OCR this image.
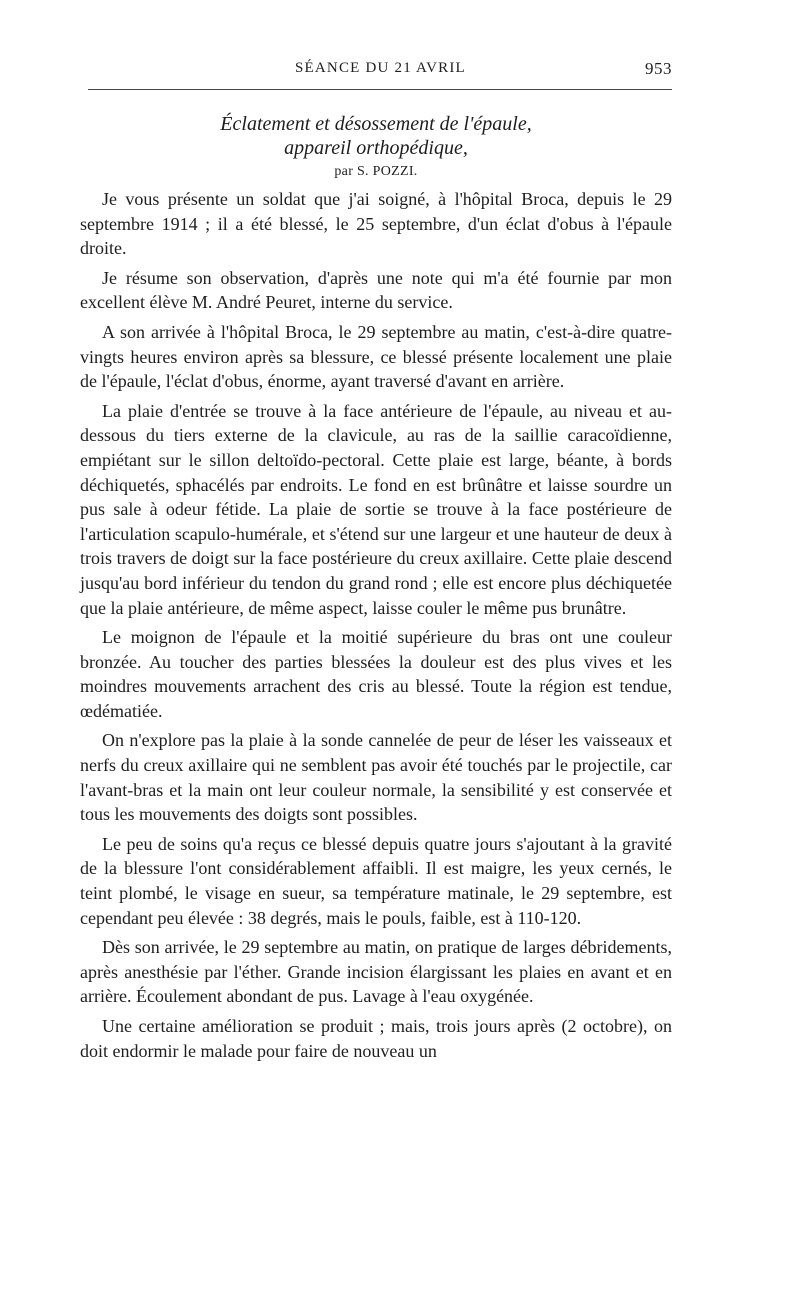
SÉANCE DU 21 AVRIL	953
Éclatement et désossement de l'épaule,
appareil orthopédique,
par S. POZZI.

Je vous présente un soldat que j'ai soigné, à l'hôpital Broca, depuis le 29 septembre 1914 ; il a été blessé, le 25 septembre, d'un éclat d'obus à l'épaule droite.

Je résume son observation, d'après une note qui m'a été fournie par mon excellent élève M. André Peuret, interne du service.

A son arrivée à l'hôpital Broca, le 29 septembre au matin, c'est-à-dire quatre-vingts heures environ après sa blessure, ce blessé présente localement une plaie de l'épaule, l'éclat d'obus, énorme, ayant traversé d'avant en arrière.

La plaie d'entrée se trouve à la face antérieure de l'épaule, au niveau et au-dessous du tiers externe de la clavicule, au ras de la saillie caracoïdienne, empiétant sur le sillon deltoïdo-pectoral. Cette plaie est large, béante, à bords déchiquetés, sphacélés par endroits. Le fond en est brûnâtre et laisse sourdre un pus sale à odeur fétide. La plaie de sortie se trouve à la face postérieure de l'articulation scapulo-humérale, et s'étend sur une largeur et une hauteur de deux à trois travers de doigt sur la face postérieure du creux axillaire. Cette plaie descend jusqu'au bord inférieur du tendon du grand rond ; elle est encore plus déchiquetée que la plaie antérieure, de même aspect, laisse couler le même pus brunâtre.

Le moignon de l'épaule et la moitié supérieure du bras ont une couleur bronzée. Au toucher des parties blessées la douleur est des plus vives et les moindres mouvements arrachent des cris au blessé. Toute la région est tendue, œdématiée.

On n'explore pas la plaie à la sonde cannelée de peur de léser les vaisseaux et nerfs du creux axillaire qui ne semblent pas avoir été touchés par le projectile, car l'avant-bras et la main ont leur couleur normale, la sensibilité y est conservée et tous les mouvements des doigts sont possibles.

Le peu de soins qu'a reçus ce blessé depuis quatre jours s'ajoutant à la gravité de la blessure l'ont considérablement affaibli. Il est maigre, les yeux cernés, le teint plombé, le visage en sueur, sa température matinale, le 29 septembre, est cependant peu élevée : 38 degrés, mais le pouls, faible, est à 110-120.

Dès son arrivée, le 29 septembre au matin, on pratique de larges débridements, après anesthésie par l'éther. Grande incision élargissant les plaies en avant et en arrière. Écoulement abondant de pus. Lavage à l'eau oxygénée.

Une certaine amélioration se produit ; mais, trois jours après (2 octobre), on doit endormir le malade pour faire de nouveau un
